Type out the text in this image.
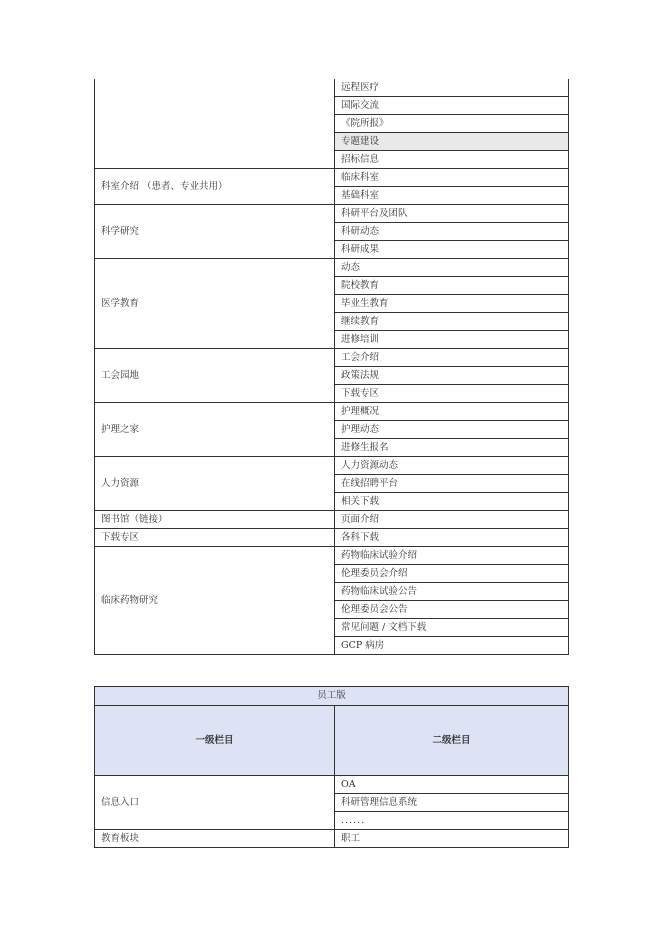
	远程医疗
	国际交流
	《院所报》
	专题建设
	招标信息
科室介绍 （患者、专业共用）	临床科室
	基础科室
科学研究	科研平台及团队
	科研动态
	科研成果
医学教育	动态
	院校教育
	毕业生教育
	继续教育
	进修培训
工会园地	工会介绍
	政策法规
	下载专区
护理之家	护理概况
	护理动态
	进修生报名
人力资源	人力资源动态
	在线招聘平台
	相关下载
图书馆（链接）	页面介绍
下载专区	各科下载
临床药物研究	药物临床试验介绍
	伦理委员会介绍
	药物临床试验公告
	伦理委员会公告
	常见问题 / 文档下载
	GCP 病房
员工版	
一级栏目	二级栏目
信息入口	OA
	科研管理信息系统
	......
教育板块	职工
